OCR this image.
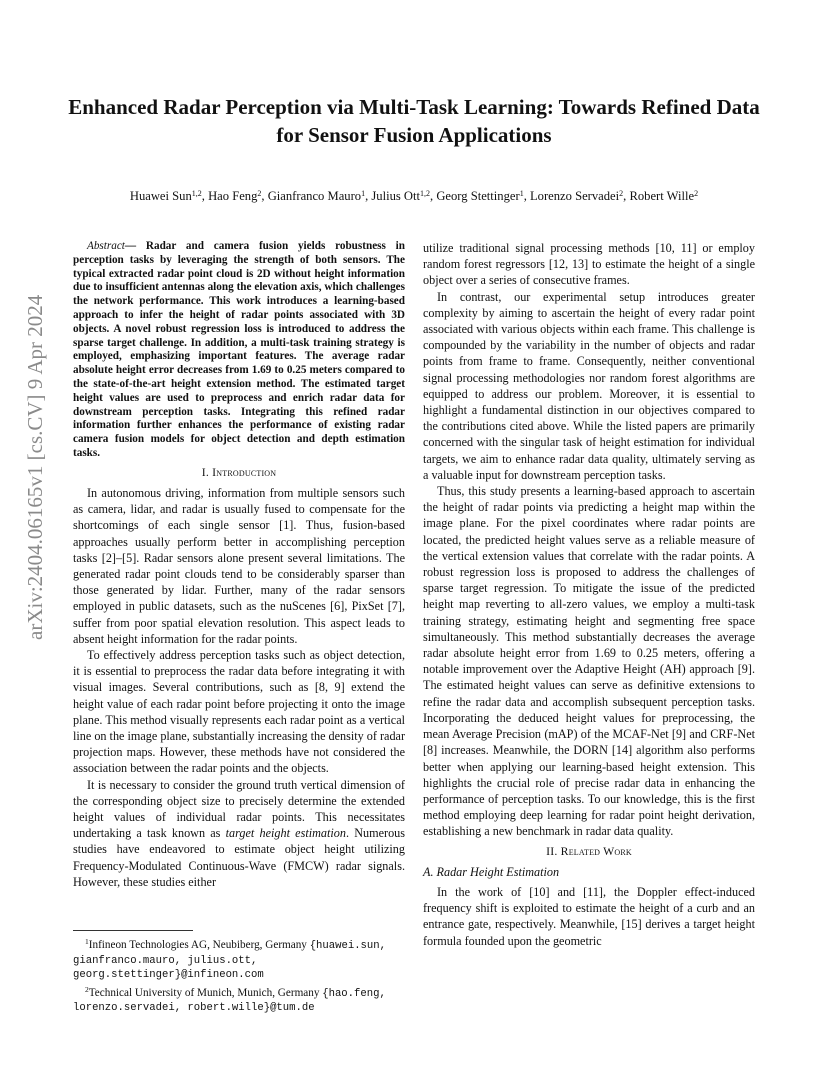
arXiv:2404.06165v1 [cs.CV] 9 Apr 2024
Enhanced Radar Perception via Multi-Task Learning: Towards Refined Data for Sensor Fusion Applications
Huawei Sun$^{1,2}$, Hao Feng$^2$, Gianfranco Mauro$^1$, Julius Ott$^{1,2}$, Georg Stettinger$^1$, Lorenzo Servadei$^2$, Robert Wille$^2$

Abstract— Radar and camera fusion yields robustness in perception tasks by leveraging the strength of both sensors. The typical extracted radar point cloud is 2D without height information due to insufficient antennas along the elevation axis, which challenges the network performance. This work introduces a learning-based approach to infer the height of radar points associated with 3D objects. A novel robust regression loss is introduced to address the sparse target challenge. In addition, a multi-task training strategy is employed, emphasizing important features. The average radar absolute height error decreases from 1.69 to 0.25 meters compared to the state-of-the-art height extension method. The estimated target height values are used to preprocess and enrich radar data for downstream perception tasks. Integrating this refined radar information further enhances the performance of existing radar camera fusion models for object detection and depth estimation tasks.

I. Introduction

In autonomous driving, information from multiple sensors such as camera, lidar, and radar is usually fused to compensate for the shortcomings of each single sensor [1]. Thus, fusion-based approaches usually perform better in accomplishing perception tasks [2]–[5]. Radar sensors alone present several limitations. The generated radar point clouds tend to be considerably sparser than those generated by lidar. Further, many of the radar sensors employed in public datasets, such as the nuScenes [6], PixSet [7], suffer from poor spatial elevation resolution. This aspect leads to absent height information for the radar points.

To effectively address perception tasks such as object detection, it is essential to preprocess the radar data before integrating it with visual images. Several contributions, such as [8, 9] extend the height value of each radar point before projecting it onto the image plane. This method visually represents each radar point as a vertical line on the image plane, substantially increasing the density of radar projection maps. However, these methods have not considered the association between the radar points and the objects.

It is necessary to consider the ground truth vertical dimension of the corresponding object size to precisely determine the extended height values of individual radar points. This necessitates undertaking a task known as target height estimation. Numerous studies have endeavored to estimate object height utilizing Frequency-Modulated Continuous-Wave (FMCW) radar signals. However, these studies either

utilize traditional signal processing methods [10, 11] or employ random forest regressors [12, 13] to estimate the height of a single object over a series of consecutive frames.

In contrast, our experimental setup introduces greater complexity by aiming to ascertain the height of every radar point associated with various objects within each frame. This challenge is compounded by the variability in the number of objects and radar points from frame to frame. Consequently, neither conventional signal processing methodologies nor random forest algorithms are equipped to address our problem. Moreover, it is essential to highlight a fundamental distinction in our objectives compared to the contributions cited above. While the listed papers are primarily concerned with the singular task of height estimation for individual targets, we aim to enhance radar data quality, ultimately serving as a valuable input for downstream perception tasks.

Thus, this study presents a learning-based approach to ascertain the height of radar points via predicting a height map within the image plane. For the pixel coordinates where radar points are located, the predicted height values serve as a reliable measure of the vertical extension values that correlate with the radar points. A robust regression loss is proposed to address the challenges of sparse target regression. To mitigate the issue of the predicted height map reverting to all-zero values, we employ a multi-task training strategy, estimating height and segmenting free space simultaneously. This method substantially decreases the average radar absolute height error from 1.69 to 0.25 meters, offering a notable improvement over the Adaptive Height (AH) approach [9]. The estimated height values can serve as definitive extensions to refine the radar data and accomplish subsequent perception tasks. Incorporating the deduced height values for preprocessing, the mean Average Precision (mAP) of the MCAF-Net [9] and CRF-Net [8] increases. Meanwhile, the DORN [14] algorithm also performs better when applying our learning-based height extension. This highlights the crucial role of precise radar data in enhancing the performance of perception tasks. To our knowledge, this is the first method employing deep learning for radar point height derivation, establishing a new benchmark in radar data quality.

II. Related Work
A. Radar Height Estimation

In the work of [10] and [11], the Doppler effect-induced frequency shift is exploited to estimate the height of a curb and an entrance gate, respectively. Meanwhile, [15] derives a target height formula founded upon the geometric

$^1$Infineon Technologies AG, Neubiberg, Germany {huawei.sun, gianfranco.mauro, julius.ott, georg.stettinger}@infineon.com

$^2$Technical University of Munich, Munich, Germany {hao.feng, lorenzo.servadei, robert.wille}@tum.de
